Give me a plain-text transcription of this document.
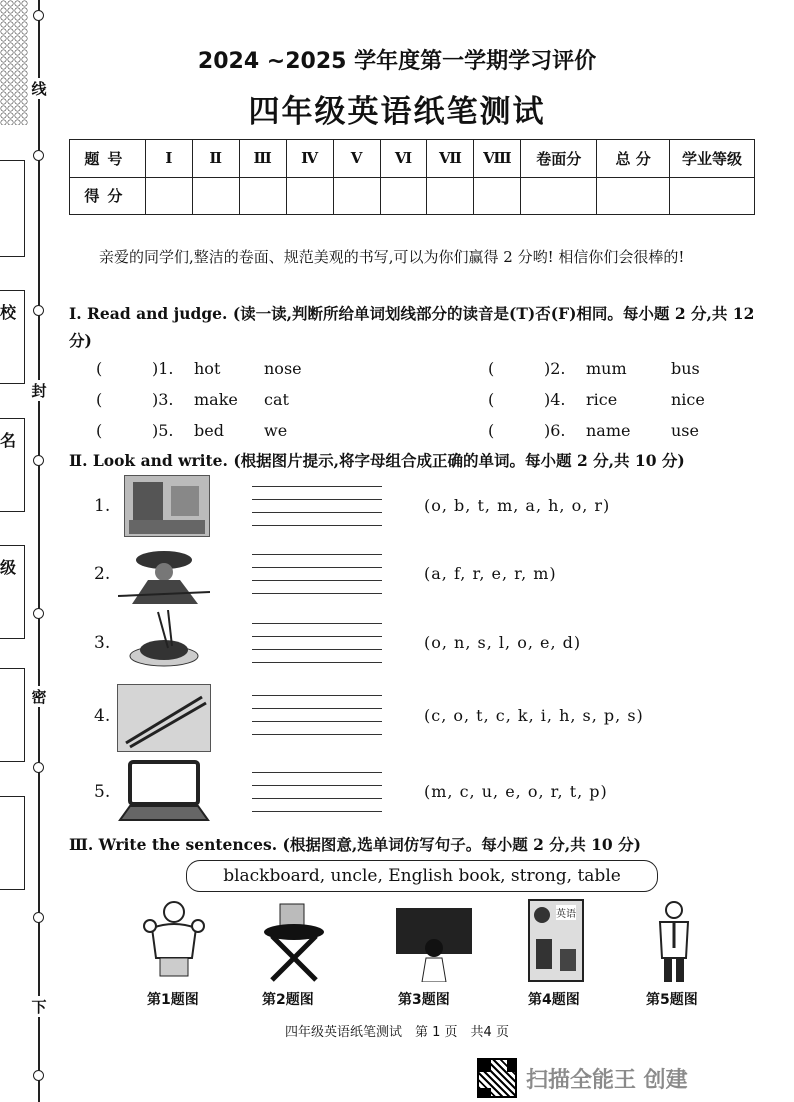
线
封
密
下
校
名
级
2024 ~2025 学年度第一学期学习评价
四年级英语纸笔测试
题号	Ⅰ	Ⅱ	Ⅲ	Ⅳ	Ⅴ	Ⅵ	Ⅶ	Ⅷ	卷面分	总 分	学业等级
得分											
亲爱的同学们,整洁的卷面、规范美观的书写,可以为你们赢得 2 分哟! 相信你们会很棒的!
Ⅰ. Read and judge. (读一读,判断所给单词划线部分的读音是(T)否(F)相同。每小题 2 分,共 12 分)
(	)1. hot	nose	(	)2. mum	bus
(	)3. make cat	(	)4. rice	nice
(	)5. bed	we	(	)6. name	use
Ⅱ. Look and write. (根据图片提示,将字母组合成正确的单词。每小题 2 分,共 10 分)
1.	(o, b, t, m, a, h, o, r)
2.	(a, f, r, e, r, m)
3.	(o, n, s, l, o, e, d)
4.	(c, o, t, c, k, i, h, s, p, s)
5.	(m, c, u, e, o, r, t, p)
Ⅲ. Write the sentences. (根据图意,选单词仿写句子。每小题 2 分,共 10 分)
blackboard, uncle, English book, strong, table
英语
第1题图	第2题图	第3题图	第4题图	第5题图
四年级英语纸笔测试　第 1 页　共4 页
扫描全能王 创建
